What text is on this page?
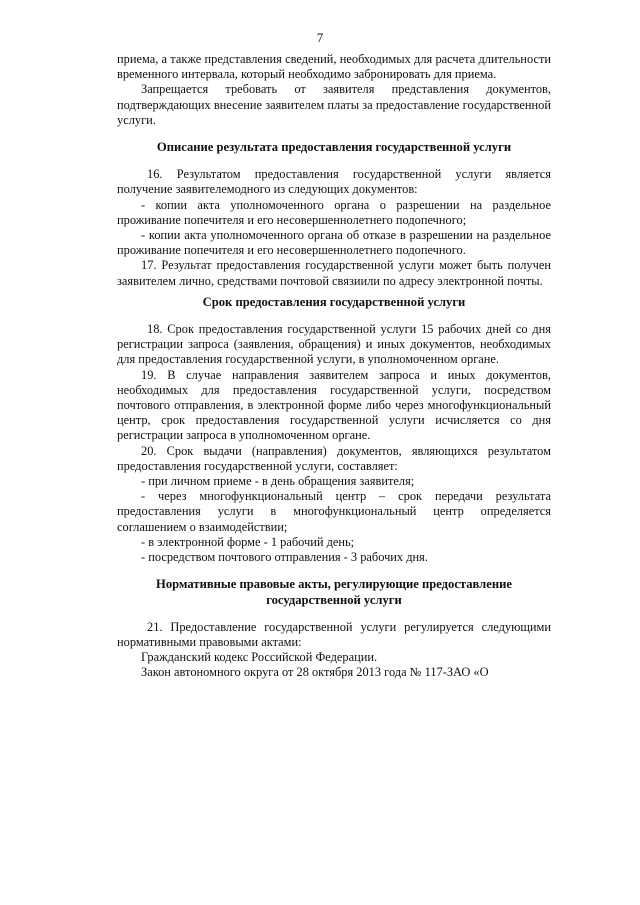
7

приема, а также представления сведений, необходимых для расчета длительности временного интервала, который необходимо забронировать для приема.

Запрещается требовать от заявителя представления документов, подтверждающих внесение заявителем платы за предоставление государственной услуги.

Описание результата предоставления государственной услуги

16. Результатом предоставления государственной услуги является получение заявителемодного из следующих документов:

- копии акта уполномоченного органа о разрешении на раздельное проживание попечителя и его несовершеннолетнего подопечного;

- копии акта уполномоченного органа об отказе в разрешении на раздельное проживание попечителя и его несовершеннолетнего подопечного.

17. Результат предоставления государственной услуги может быть получен заявителем лично, средствами почтовой связиили по адресу электронной почты.

Срок предоставления государственной услуги

18. Срок предоставления государственной услуги 15 рабочих дней со дня регистрации запроса (заявления, обращения) и иных документов, необходимых для предоставления государственной услуги, в уполномоченном органе.

19. В случае направления заявителем запроса и иных документов, необходимых для предоставления государственной услуги, посредством почтового отправления, в электронной форме либо через многофункциональный центр, срок предоставления государственной услуги исчисляется со дня регистрации запроса в уполномоченном органе.

20. Срок выдачи (направления) документов, являющихся результатом предоставления государственной услуги, составляет:

- при личном приеме - в день обращения заявителя;

- через многофункциональный центр – срок передачи результата предоставления услуги в многофункциональный центр определяется соглашением о взаимодействии;

- в электронной форме - 1 рабочий день;

- посредством почтового отправления - 3 рабочих дня.

Нормативные правовые акты, регулирующие предоставление государственной услуги

21. Предоставление государственной услуги регулируется следующими нормативными правовыми актами:

Гражданский кодекс Российской Федерации.

Закон автономного округа от 28 октября 2013 года № 117-ЗАО «О
